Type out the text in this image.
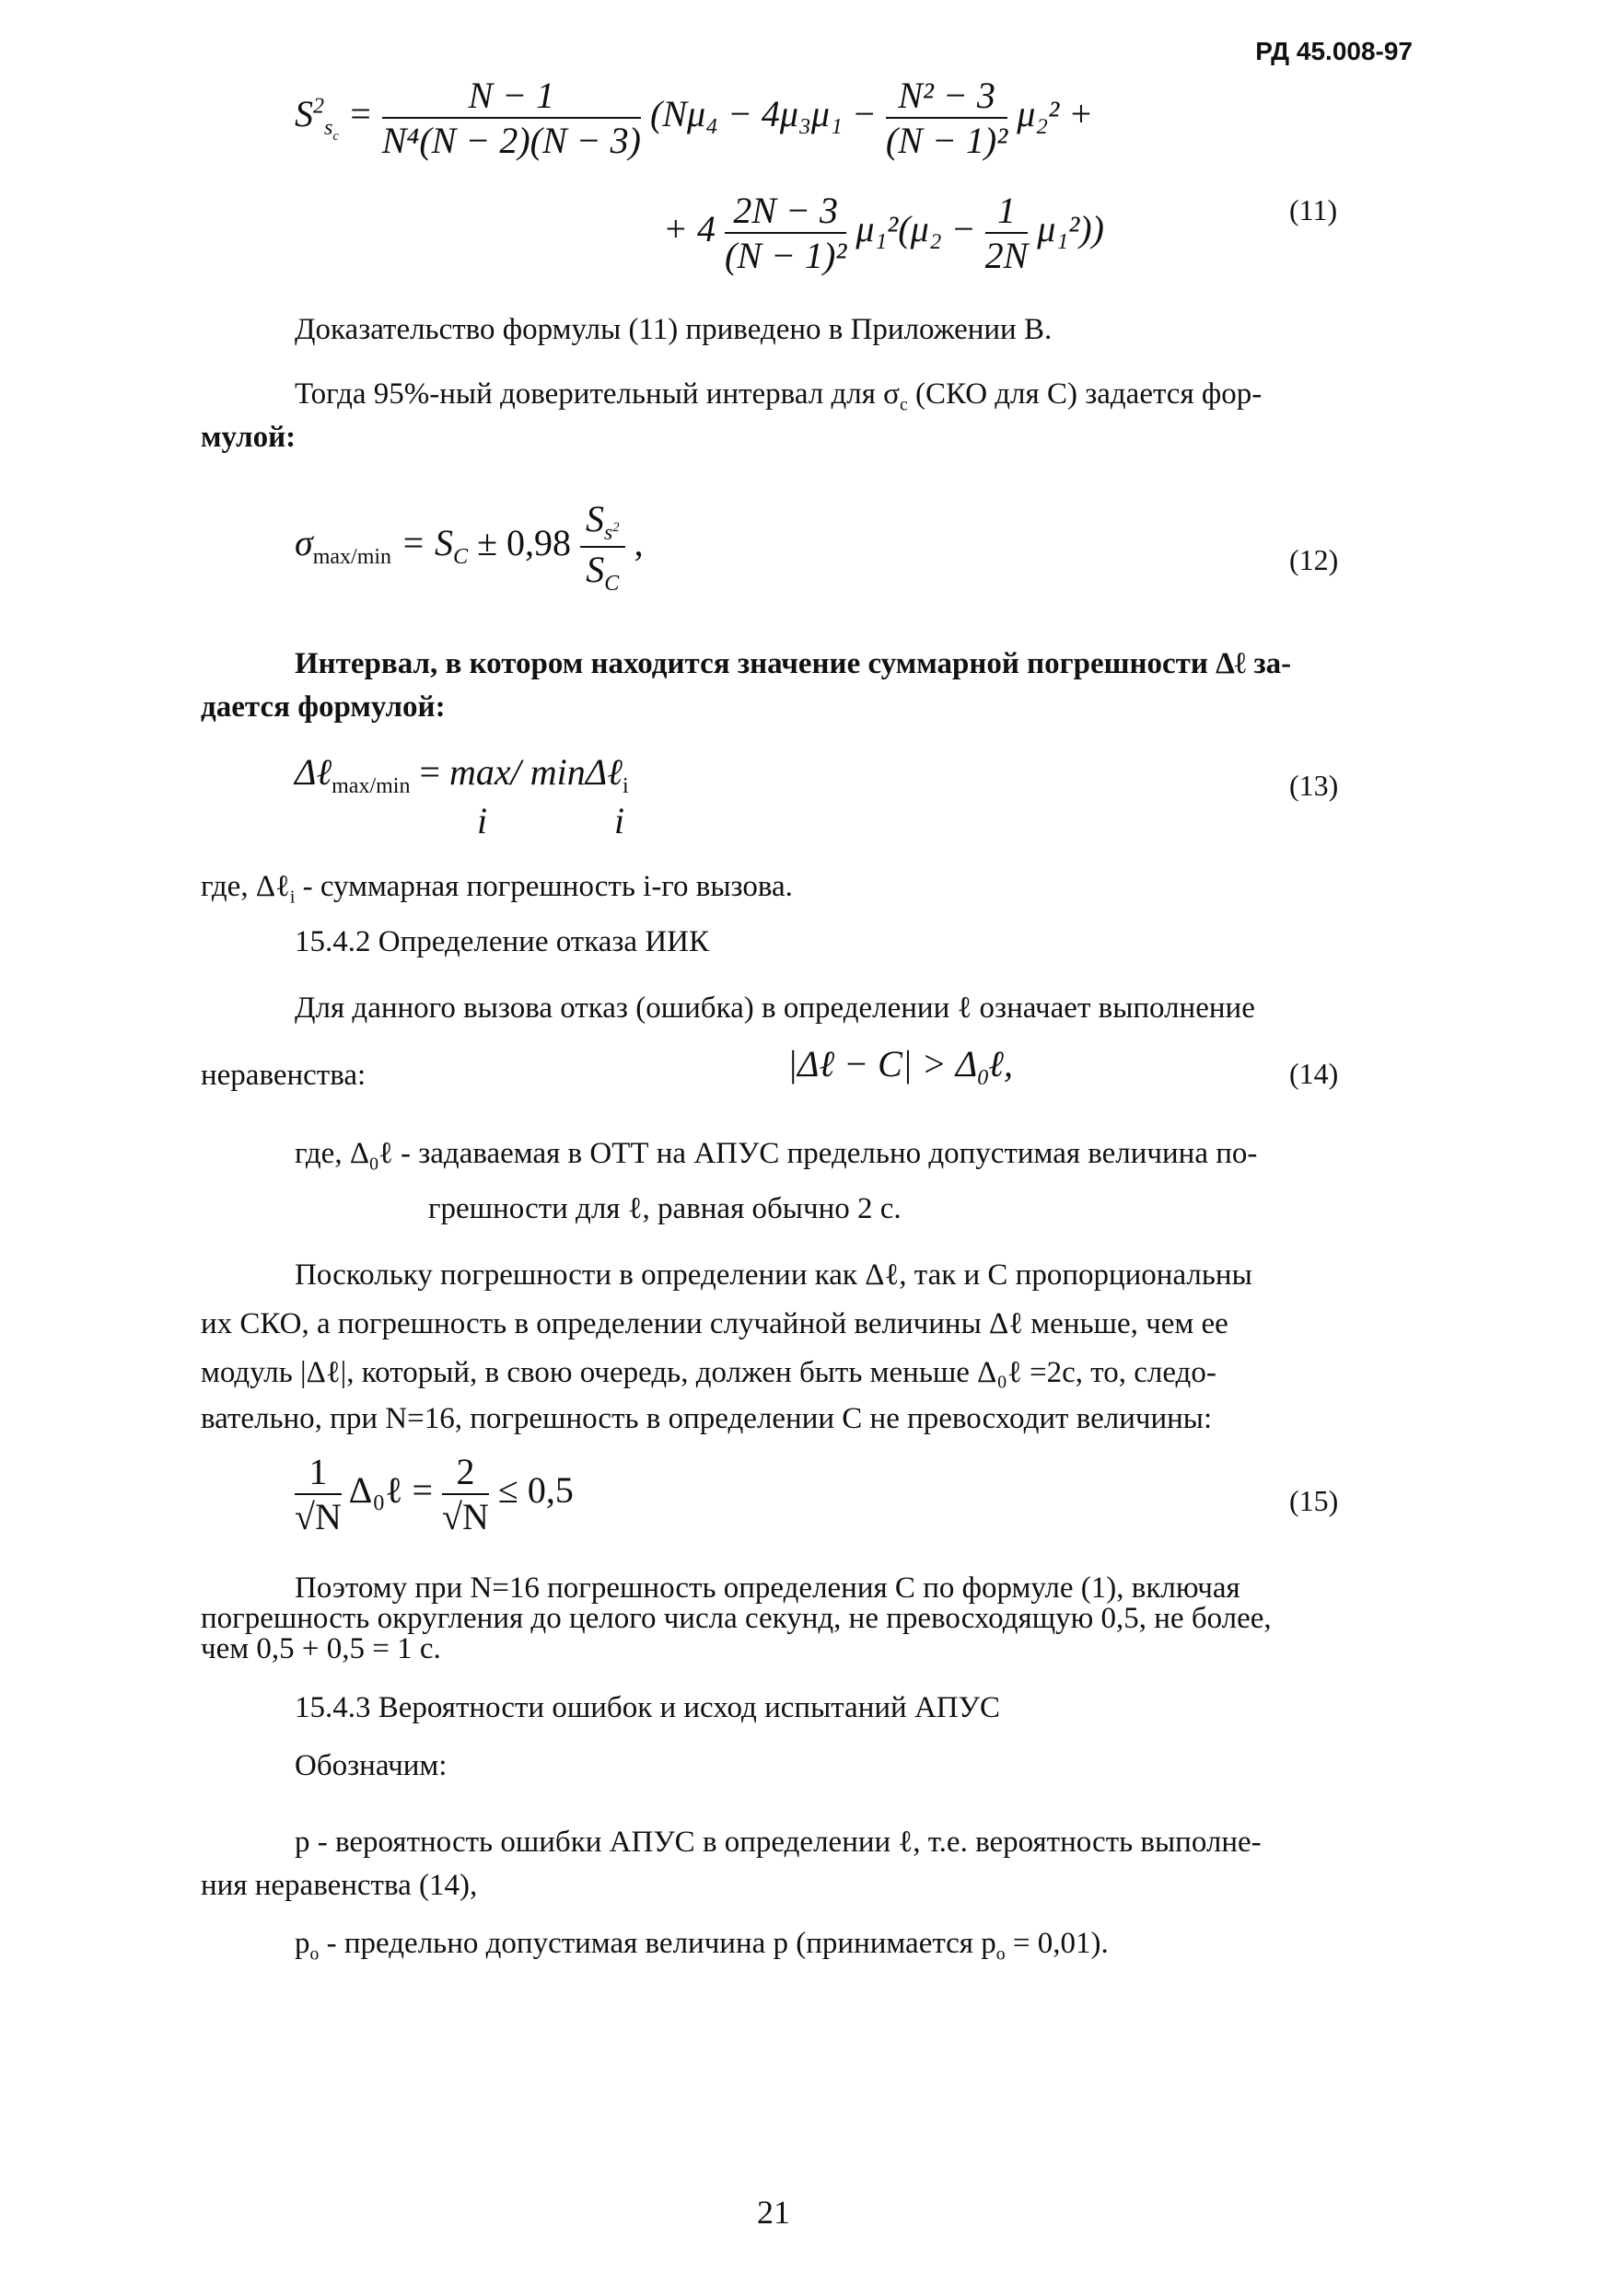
РД 45.008-97
$S^2_{s_c} = \frac{N - 1}{\text{N⁴(N − 2)(N − 3)}} (N\mu_4 - 4\mu_3\mu_1 - \frac{\text{N² − 3}}{\text{(N − 1)²}} \mu_2^2$ +
+ $4 \frac{2N - 3}{\text{(N − 1)²}} \mu_1^2(\mu_2 - \frac{1}{2N} \mu_1^2)$)	(11)
Доказательство формулы (11) приведено в Приложении В.
Тогда 95%-ный доверительный интервал для $\sigma_c$ (СКО для C) задается фор-
мулой:
$\sigma_{max/min} = S_C \pm 0,98 \frac{S_{s^2}}{S_C}$ ,	(12)
Интервал, в котором находится значение суммарной погрешности Δℓ за-
дается формулой:
Δℓ$_{max/min}$ = max/ minΔℓ$_i$
i	i
(13)
где, Δℓ$_i$ - суммарная погрешность i-го вызова.
15.4.2 Определение отказа ИИК
Для данного вызова отказ (ошибка) в определении ℓ означает выполнение
неравенства:	|Δℓ − $C| > \Delta_0\ell$,	(14)
где, $\Delta_0\ell$ - задаваемая в ОТТ на АПУС предельно допустимая величина по-
грешности для ℓ, равная обычно 2 с.
Поскольку погрешности в определении как Δℓ, так и C пропорциональны
их СКО, а погрешность в определении случайной величины Δℓ меньше, чем ее
модуль |Δℓ|, который, в свою очередь, должен быть меньше Δ₀ℓ =2с, то, следо-
вательно, при N=16, погрешность в определении С не превосходит величины:
$\frac{1}{√N}$ Δ₀ℓ = $\frac{2}{√N} \le 0,5$	(15)
Поэтому при N=16 погрешность определения С по формуле (1), включая
погрешность округления до целого числа секунд, не превосходящую 0,5, не более,
чем 0,5 + 0,5 = 1 с.
15.4.3 Вероятности ошибок и исход испытаний АПУС
Обозначим:
p - вероятность ошибки АПУС в определении ℓ, т.е. вероятность выполне-
ния неравенства (14),
$p_o$ - предельно допустимая величина p (принимается $p_o = 0,01$).
21
